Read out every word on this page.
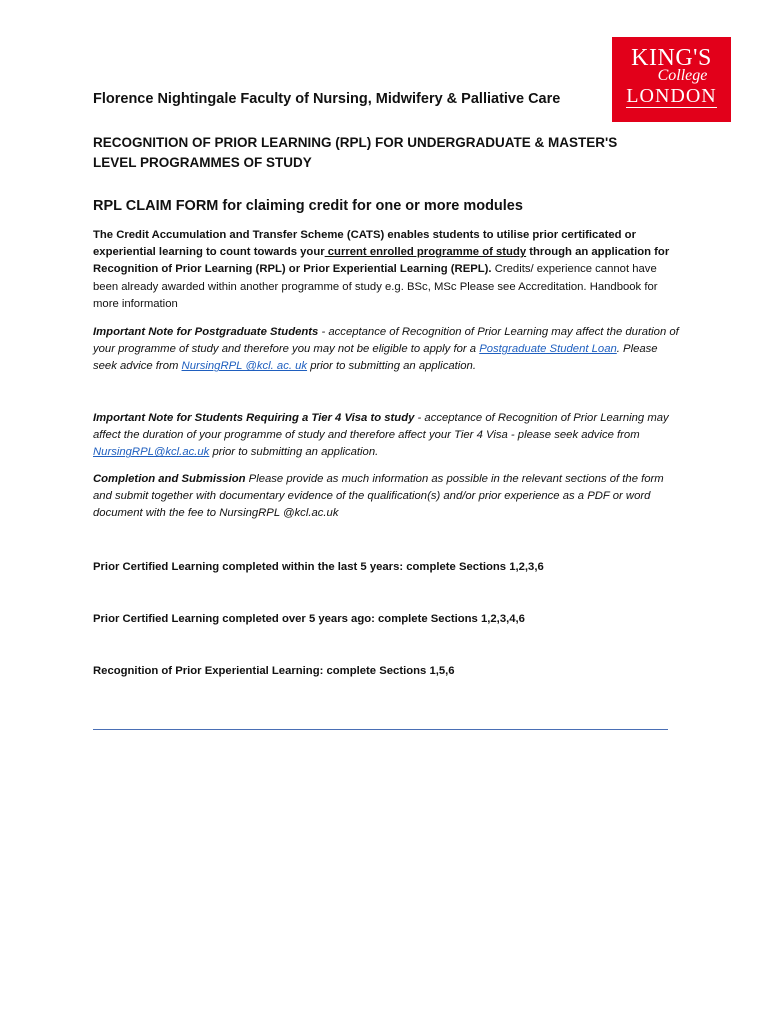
KING'S
College
LONDON
Florence Nightingale Faculty of Nursing, Midwifery & Palliative Care
RECOGNITION OF PRIOR LEARNING (RPL) FOR UNDERGRADUATE & MASTER'S
LEVEL PROGRAMMES OF STUDY
RPL CLAIM FORM for claiming credit for one or more modules
The Credit Accumulation and Transfer Scheme (CATS) enables students to utilise prior certificated or experiential learning to count towards your current enrolled programme of study through an application for Recognition of Prior Learning (RPL) or Prior Experiential Learning (REPL). Credits/ experience cannot have been already awarded within another programme of study e.g. BSc, MSc Please see Accreditation. Handbook for more information
Important Note for Postgraduate Students - acceptance of Recognition of Prior Learning may affect the duration of your programme of study and therefore you may not be eligible to apply for a Postgraduate Student Loan. Please seek advice from NursingRPL @kcl. ac. uk prior to submitting an application.
Important Note for Students Requiring a Tier 4 Visa to study - acceptance of Recognition of Prior Learning may affect the duration of your programme of study and therefore affect your Tier 4 Visa - please seek advice from NursingRPL@kcl.ac.uk prior to submitting an application.
Completion and Submission Please provide as much information as possible in the relevant sections of the form and submit together with documentary evidence of the qualification(s) and/or prior experience as a PDF or word document with the fee to NursingRPL @kcl.ac.uk
Prior Certified Learning completed within the last 5 years: complete Sections 1,2,3,6
Prior Certified Learning completed over 5 years ago: complete Sections 1,2,3,4,6
Recognition of Prior Experiential Learning: complete Sections 1,5,6
